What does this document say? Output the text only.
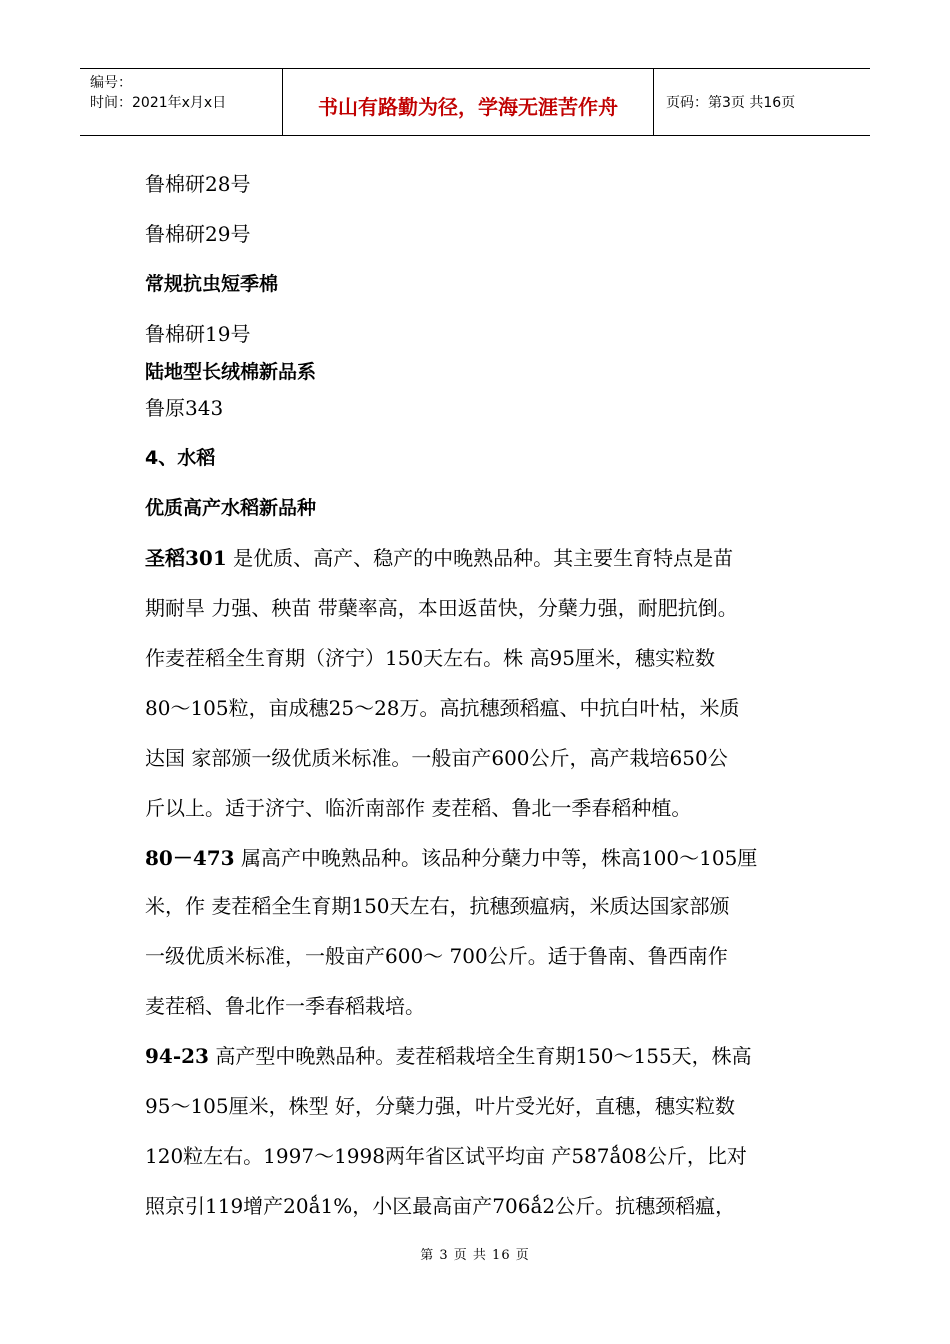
编号：
时间：2021年x月x日	书山有路勤为径，学海无涯苦作舟	页码：第3页 共16页
鲁棉研28号
鲁棉研29号
常规抗虫短季棉
鲁棉研19号
陆地型长绒棉新品系
鲁原343
4、水稻
优质高产水稻新品种
圣稻301 是优质、高产、稳产的中晚熟品种。其主要生育特点是苗
期耐旱 力强、秧苗 带蘖率高，本田返苗快，分蘖力强，耐肥抗倒。
作麦茬稻全生育期（济宁）150天左右。株 高95厘米，穗实粒数
80～105粒，亩成穗25～28万。高抗穗颈稻瘟、中抗白叶枯，米质
达国 家部颁一级优质米标准。一般亩产600公斤，高产栽培650公
斤以上。适于济宁、临沂南部作 麦茬稻、鲁北一季春稻种植。
80－473 属高产中晚熟品种。该品种分蘖力中等，株高100～105厘
米，作 麦茬稻全生育期150天左右，抗穗颈瘟病，米质达国家部颁
一级优质米标准，一般亩产600～ 700公斤。适于鲁南、鲁西南作
麦茬稻、鲁北作一季春稻栽培。
94-23 高产型中晚熟品种。麦茬稻栽培全生育期150～155天，株高
95～105厘米，株型 好，分蘖力强，叶片受光好，直穗，穗实粒数
120粒左右。1997～1998两年省区试平均亩 产587ǻ08公斤，比对
照京引119增产20ǻ1%，小区最高亩产706ǻ2公斤。抗穗颈稻瘟，
第 3 页 共 16 页
